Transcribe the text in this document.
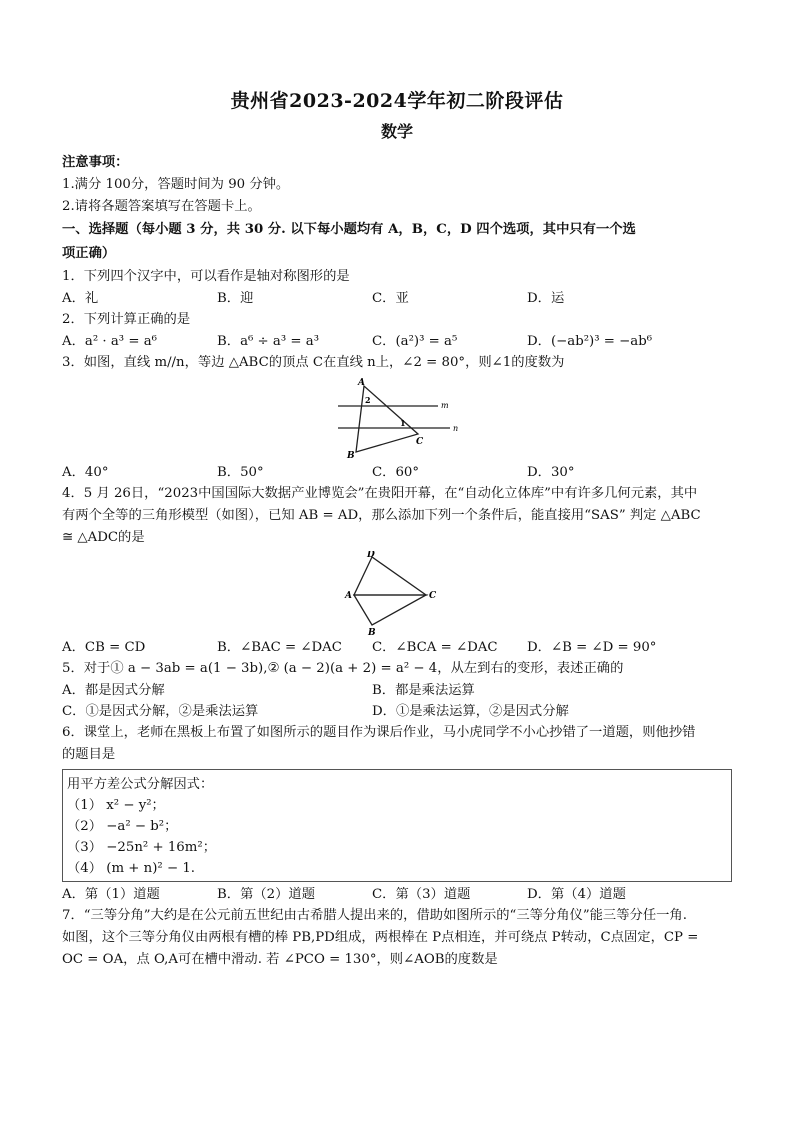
贵州省2023-2024学年初二阶段评估
数学
注意事项：
1.满分 100分，答题时间为 90 分钟。
2.请将各题答案填写在答题卡上。
一、选择题（每小题 3 分，共 30 分. 以下每小题均有 A，B，C，D 四个选项，其中只有一个选
项正确）
1．下列四个汉字中，可以看作是轴对称图形的是
A．礼	B．迎	C．亚	D．运
2．下列计算正确的是
A．a² · a³ = a⁶	B．a⁶ ÷ a³ = a³	C．(a²)³ = a⁵	D．(−ab²)³ = −ab⁶
3．如图，直线 m//n，等边 △ABC的顶点 C在直线 n上，∠2 = 80°，则∠1的度数为
A
B
C
m
n
1
2
A．40°	B．50°	C．60°	D．30°
4．5 月 26日，“2023中国国际大数据产业博览会”在贵阳开幕，在“自动化立体库”中有许多几何元素，其中
有两个全等的三角形模型（如图），已知 AB = AD，那么添加下列一个条件后，能直接用“SAS” 判定 △ABC
≅ △ADC的是
D
A	C
B
A．CB = CD	B．∠BAC = ∠DAC	C．∠BCA = ∠DAC	D．∠B = ∠D = 90°
5．对于① a − 3ab = a(1 − 3b),② (a − 2)(a + 2) = a² − 4，从左到右的变形，表述正确的
A．都是因式分解	B．都是乘法运算
C．①是因式分解，②是乘法运算	D．①是乘法运算，②是因式分解
6．课堂上，老师在黑板上布置了如图所示的题目作为课后作业，马小虎同学不小心抄错了一道题，则他抄错
的题目是
用平方差公式分解因式：
（1） x² − y²；
（2） −a² − b²；
（3） −25n² + 16m²；
（4） (m + n)² − 1.
A．第（1）道题	B．第（2）道题	C．第（3）道题	D．第（4）道题
7．“三等分角”大约是在公元前五世纪由古希腊人提出来的，借助如图所示的“三等分角仪”能三等分任一角.
如图，这个三等分角仪由两根有槽的棒 PB,PD组成，两根棒在 P点相连，并可绕点 P转动，C点固定，CP =
OC = OA，点 O,A可在槽中滑动. 若 ∠PCO = 130°，则∠AOB的度数是
